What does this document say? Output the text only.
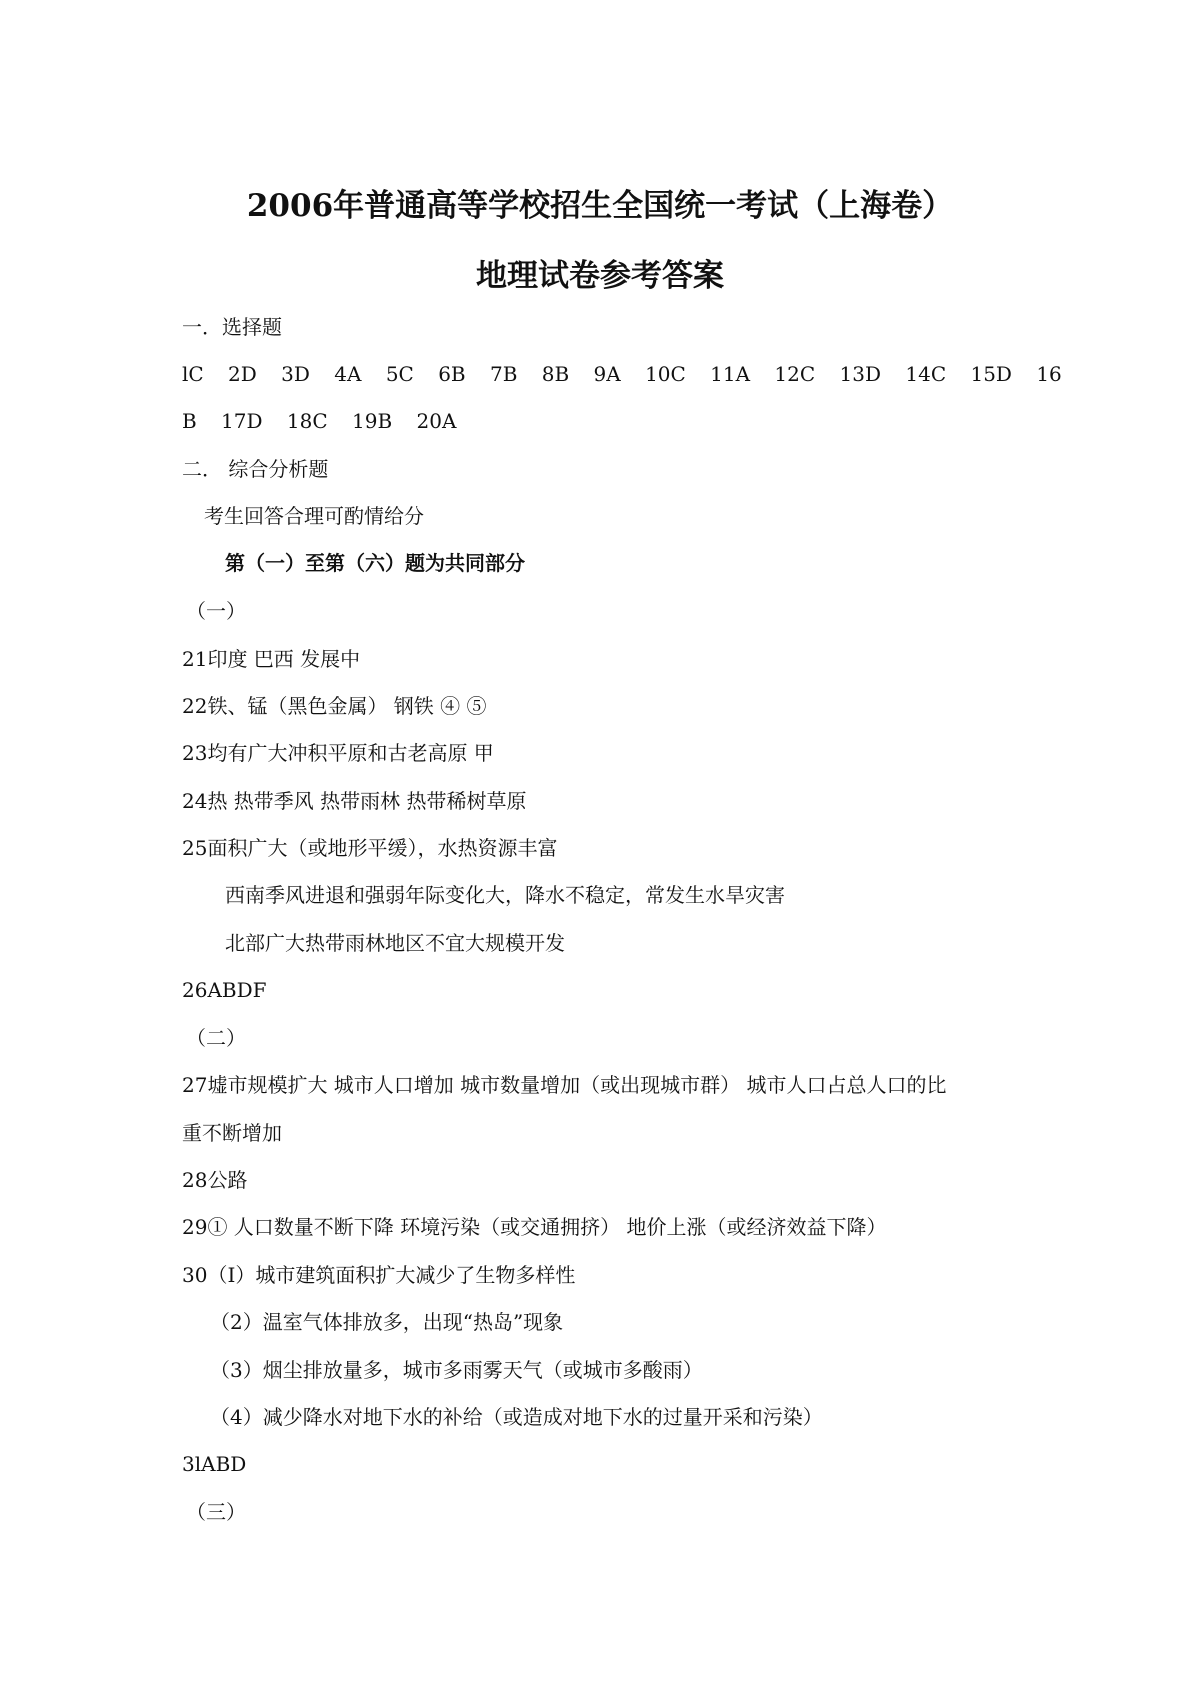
2006年普通高等学校招生全国统一考试（上海卷）
地理试卷参考答案
一．选择题
lC 2D 3D 4A 5C 6B 7B 8B 9A 10C 11A 12C 13D 14C 15D 16
B 17D 18C 19B 20A
二． 综合分析题
考生回答合理可酌情给分
第（一）至第（六）题为共同部分
（一）
21印度 巴西 发展中
22铁、锰（黑色金属） 钢铁 ④ ⑤
23均有广大冲积平原和古老高原 甲
24热 热带季风 热带雨林 热带稀树草原
25面积广大（或地形平缓），水热资源丰富
西南季风进退和强弱年际变化大，降水不稳定，常发生水旱灾害
北部广大热带雨林地区不宜大规模开发
26ABDF
（二）
27墟市规模扩大 城市人口增加 城市数量增加（或出现城市群） 城市人口占总人口的比
重不断增加
28公路
29① 人口数量不断下降 环境污染（或交通拥挤） 地价上涨（或经济效益下降）
30（I）城市建筑面积扩大减少了生物多样性
（2）温室气体排放多，出现“热岛”现象
（3）烟尘排放量多，城市多雨雾天气（或城市多酸雨）
（4）减少降水对地下水的补给（或造成对地下水的过量开采和污染）
3lABD
（三）
